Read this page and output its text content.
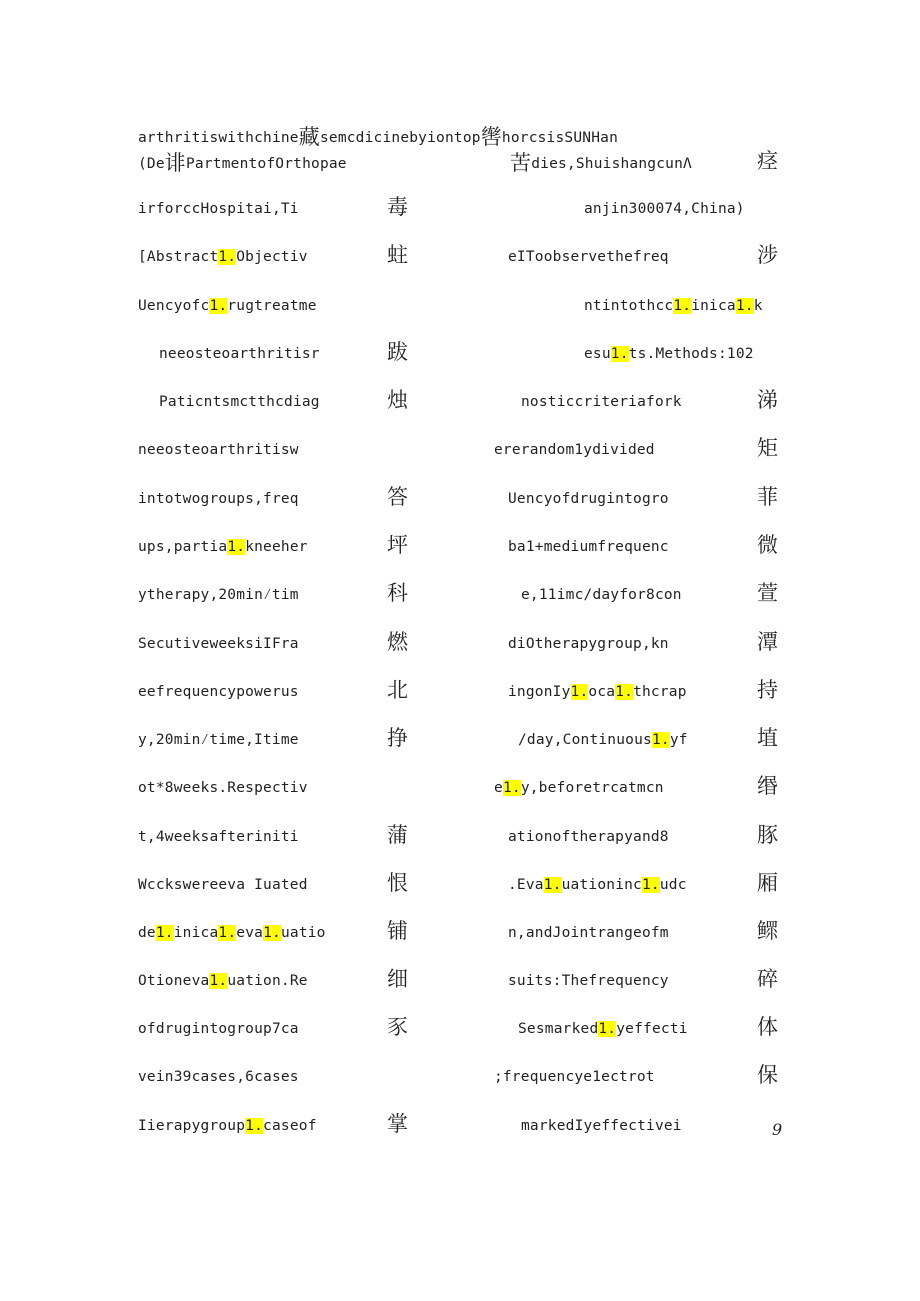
arthritiswithchine藏semcdicinebyiontop辔horcsisSUNHan
(De诽PartmentofOrthopae	苦dies,ShuishangcunΛ	痉
irforccHospitai,Ti	毒	anjin300074,China)
[Abstract1.Objectiv	蛀	eIToobservethefreq	涉
Uencyofc1.rugtreatme	ntintothcc1.inica1.k
neeosteoarthritisr	跋	esu1.ts.Methods:102
Paticntsmctthcdiag	烛	nosticcriteriafork	涕
neeosteoarthritisw	ererandom1ydivided	矩
intotwogroups,freq	答	Uencyofdrugintogro	菲
ups,partia1.kneeher	坪	ba1+mediumfrequenc	微
ytherapy,20min⁄tim	科	e,11imc/dayfor8con	萱
SecutiveweeksiIFra	燃	diOtherapygroup,kn	潭
eefrequencypowerus	北	ingonIy1.oca1.thcrap	持
y,20min⁄time,Itime	挣	/day,Continuous1.yf	埴
ot*8weeks.Respectiv	e1.y,beforetrcatmcn	缗
t,4weeksafteriniti	蒲	ationoftherapyand8	豚
Wcckswereeva Iuated	恨	.Eva1.uationinc1.udc	厢
de1.inica1.eva1.uatio	铺	n,andJointrangeofm	鳏
Otioneva1.uation.Re	细	suits:Thefrequency	碎
ofdrugintogroup7ca	豕	Sesmarked1.yeffecti	体
vein39cases,6cases	;frequencye1ectrot	保
Iierapygroup1.caseof	掌	markedIyeffectivei	9
